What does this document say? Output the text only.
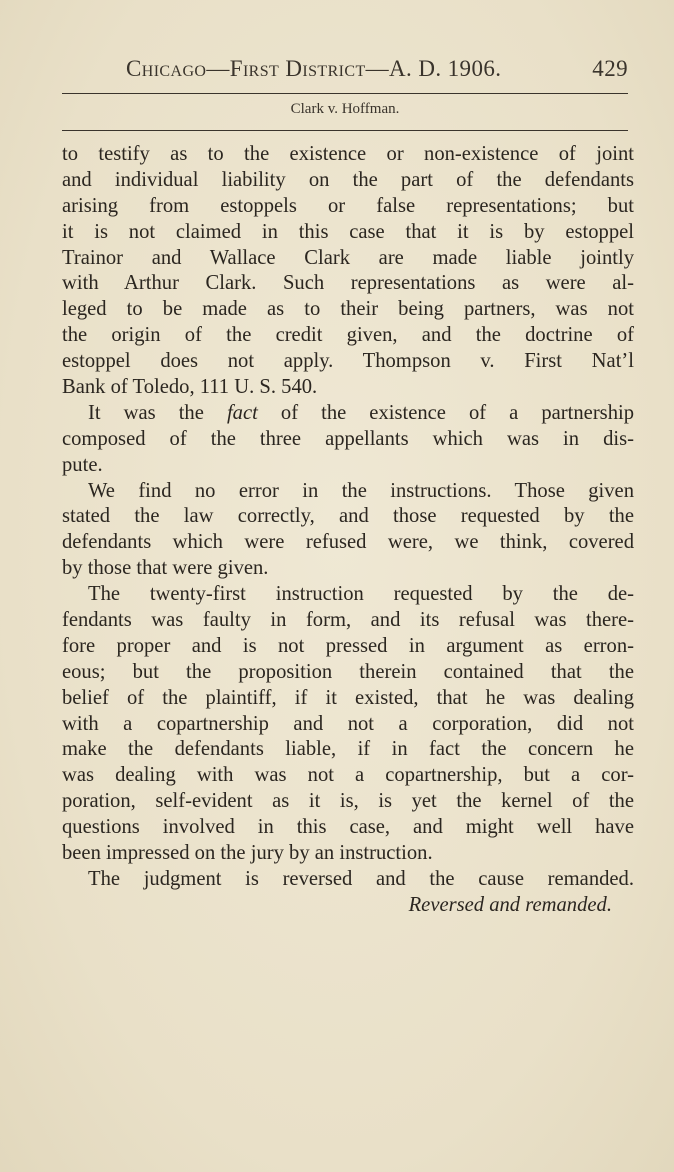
Chicago—First District—A. D. 1906.	429
Clark v. Hoffman.
to testify as to the existence or non-existence of joint
and individual liability on the part of the defendants
arising from estoppels or false representations; but
it is not claimed in this case that it is by estoppel
Trainor and Wallace Clark are made liable jointly
with Arthur Clark. Such representations as were al-
leged to be made as to their being partners, was not
the origin of the credit given, and the doctrine of
estoppel does not apply. Thompson v. First Nat’l
Bank of Toledo, 111 U. S. 540.
It was the fact of the existence of a partnership
composed of the three appellants which was in dis-
pute.
We find no error in the instructions. Those given
stated the law correctly, and those requested by the
defendants which were refused were, we think, covered
by those that were given.
The twenty-first instruction requested by the de-
fendants was faulty in form, and its refusal was there-
fore proper and is not pressed in argument as erron-
eous; but the proposition therein contained that the
belief of the plaintiff, if it existed, that he was dealing
with a copartnership and not a corporation, did not
make the defendants liable, if in fact the concern he
was dealing with was not a copartnership, but a cor-
poration, self-evident as it is, is yet the kernel of the
questions involved in this case, and might well have
been impressed on the jury by an instruction.
The judgment is reversed and the cause remanded.
Reversed and remanded.
